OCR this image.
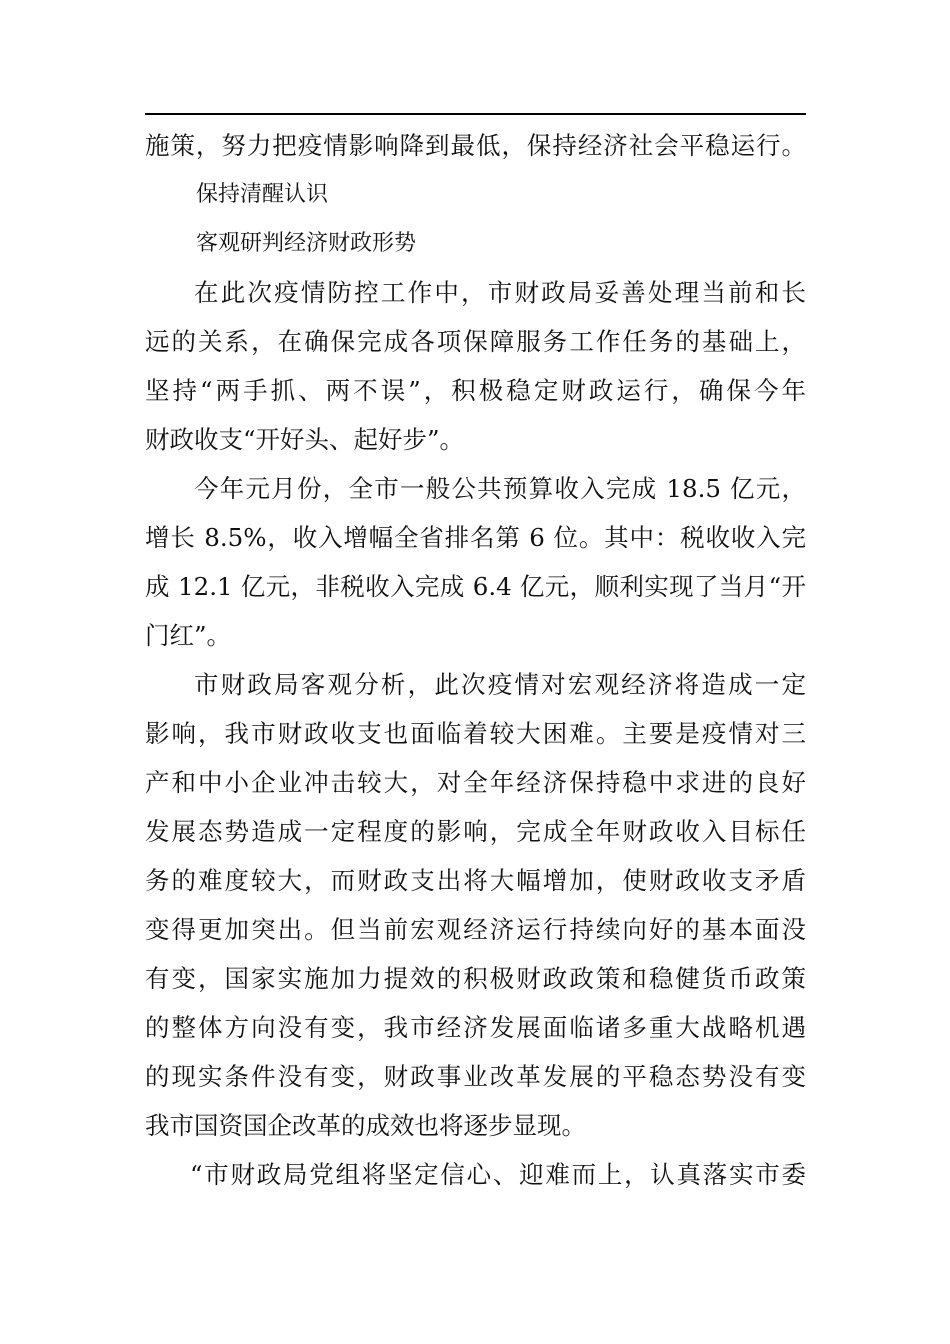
施策，努力把疫情影响降到最低，保持经济社会平稳运行。
保持清醒认识
客观研判经济财政形势
在此次疫情防控工作中，市财政局妥善处理当前和长
远的关系，在确保完成各项保障服务工作任务的基础上，
坚持“两手抓、两不误”，积极稳定财政运行，确保今年
财政收支“开好头、起好步”。
今年元月份，全市一般公共预算收入完成 18.5 亿元，
增长 8.5%，收入增幅全省排名第 6 位。其中：税收收入完
成 12.1 亿元，非税收入完成 6.4 亿元，顺利实现了当月“开
门红”。
市财政局客观分析，此次疫情对宏观经济将造成一定
影响，我市财政收支也面临着较大困难。主要是疫情对三
产和中小企业冲击较大，对全年经济保持稳中求进的良好
发展态势造成一定程度的影响，完成全年财政收入目标任
务的难度较大，而财政支出将大幅增加，使财政收支矛盾
变得更加突出。但当前宏观经济运行持续向好的基本面没
有变，国家实施加力提效的积极财政政策和稳健货币政策
的整体方向没有变，我市经济发展面临诸多重大战略机遇
的现实条件没有变，财政事业改革发展的平稳态势没有变
我市国资国企改革的成效也将逐步显现。
“市财政局党组将坚定信心、迎难而上，认真落实市委
